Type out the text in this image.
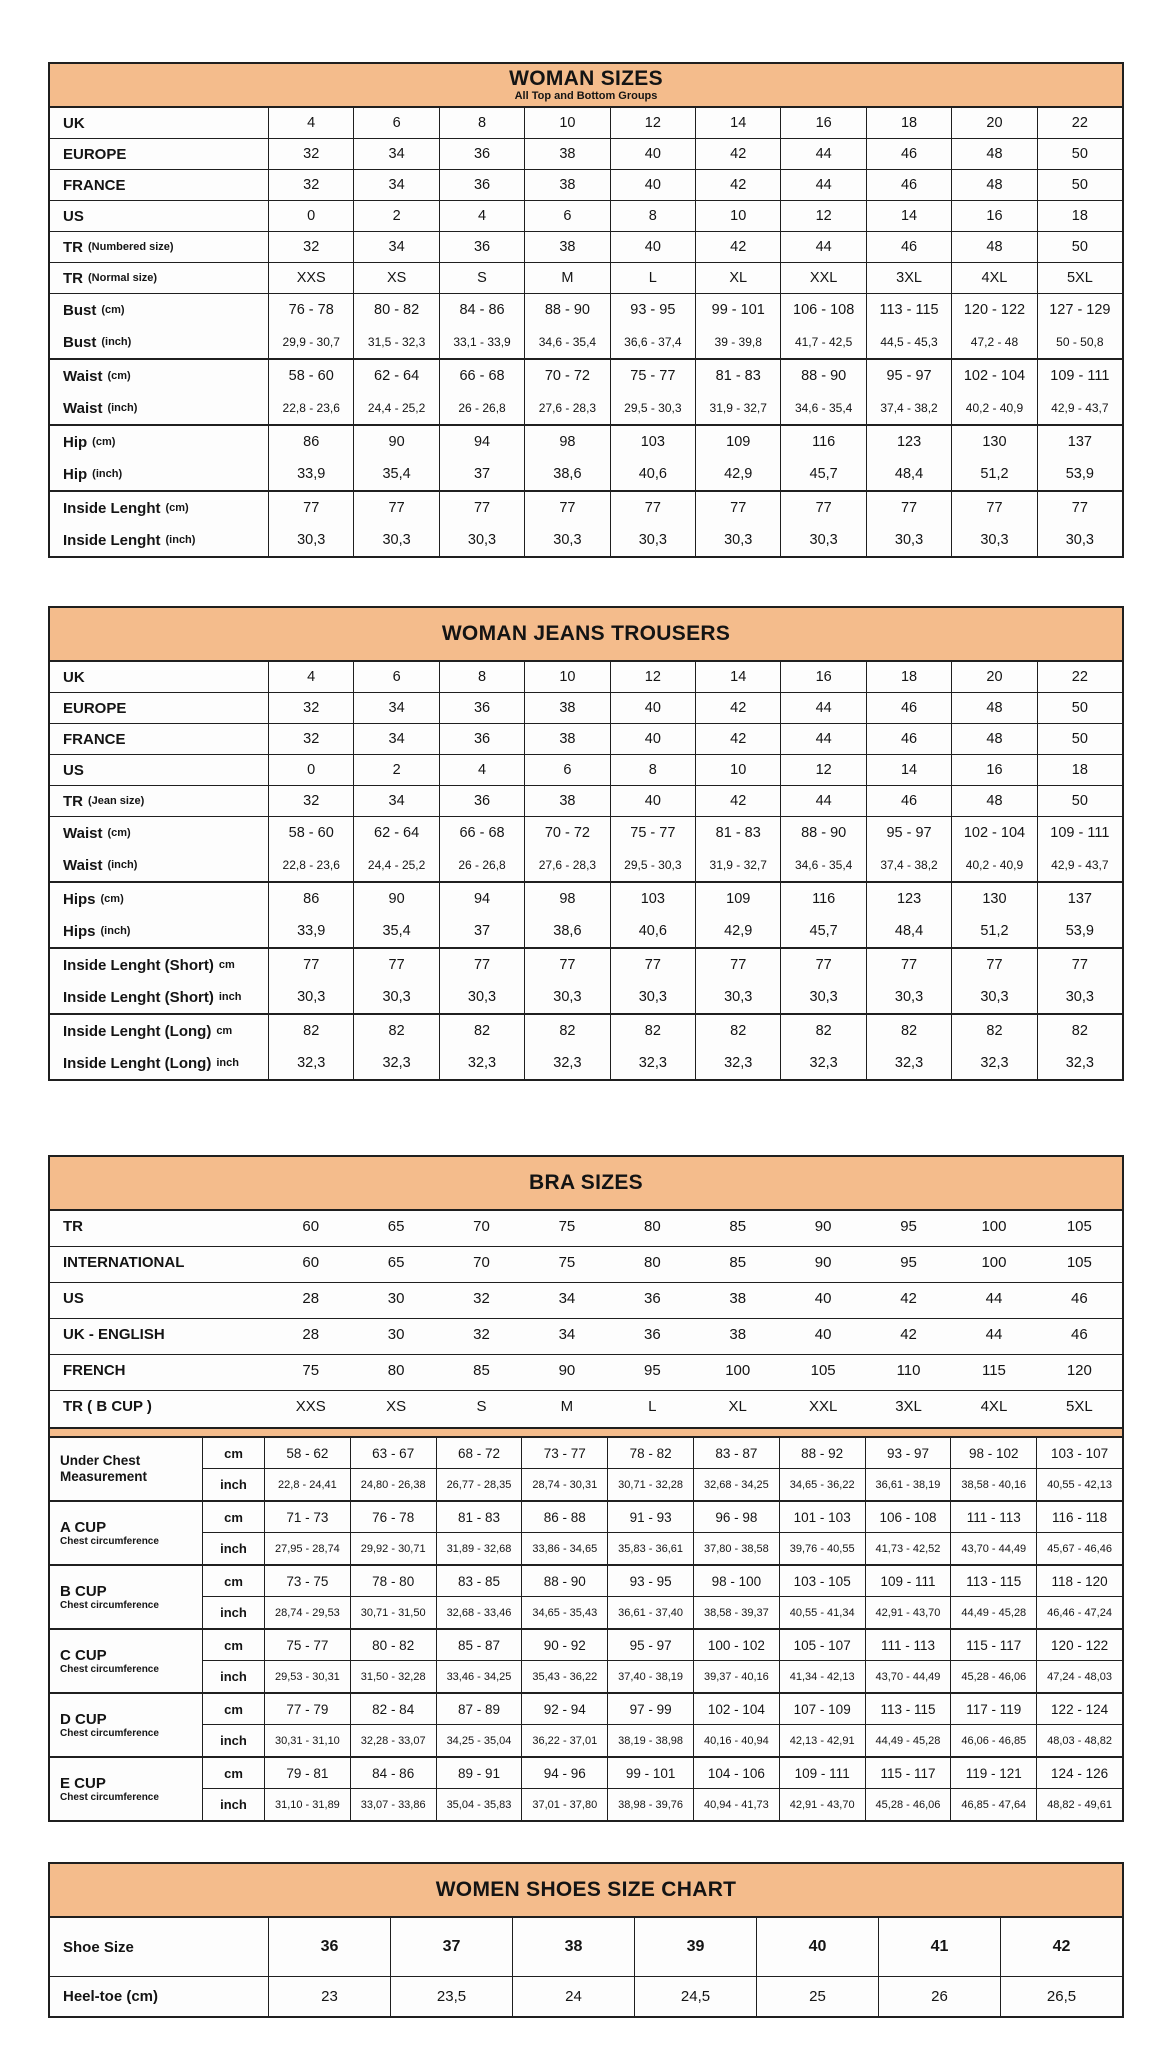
WOMAN SIZES
All Top and Bottom Groups
UK	4	6	8	10	12	14	16	18	20	22
EUROPE	32	34	36	38	40	42	44	46	48	50
FRANCE	32	34	36	38	40	42	44	46	48	50
US	0	2	4	6	8	10	12	14	16	18
TR (Numbered size)	32	34	36	38	40	42	44	46	48	50
TR (Normal size)	XXS	XS	S	M	L	XL	XXL	3XL	4XL	5XL
Bust (cm)	76 - 78	80 - 82	84 - 86	88 - 90	93 - 95	99 - 101	106 - 108	113 - 115	120 - 122	127 - 129
Bust (inch)	29,9 - 30,7	31,5 - 32,3	33,1 - 33,9	34,6 - 35,4	36,6 - 37,4	39 - 39,8	41,7 - 42,5	44,5 - 45,3	47,2 - 48	50 - 50,8
Waist (cm)	58 - 60	62 - 64	66 - 68	70 - 72	75 - 77	81 - 83	88 - 90	95 - 97	102 - 104	109 - 111
Waist (inch)	22,8 - 23,6	24,4 - 25,2	26 - 26,8	27,6 - 28,3	29,5 - 30,3	31,9 - 32,7	34,6 - 35,4	37,4 - 38,2	40,2 - 40,9	42,9 - 43,7
Hip (cm)	86	90	94	98	103	109	116	123	130	137
Hip (inch)	33,9	35,4	37	38,6	40,6	42,9	45,7	48,4	51,2	53,9
Inside Lenght (cm)	77	77	77	77	77	77	77	77	77	77
Inside Lenght (inch)	30,3	30,3	30,3	30,3	30,3	30,3	30,3	30,3	30,3	30,3
WOMAN JEANS TROUSERS
UK	4	6	8	10	12	14	16	18	20	22
EUROPE	32	34	36	38	40	42	44	46	48	50
FRANCE	32	34	36	38	40	42	44	46	48	50
US	0	2	4	6	8	10	12	14	16	18
TR (Jean size)	32	34	36	38	40	42	44	46	48	50
Waist (cm)	58 - 60	62 - 64	66 - 68	70 - 72	75 - 77	81 - 83	88 - 90	95 - 97	102 - 104	109 - 111
Waist (inch)	22,8 - 23,6	24,4 - 25,2	26 - 26,8	27,6 - 28,3	29,5 - 30,3	31,9 - 32,7	34,6 - 35,4	37,4 - 38,2	40,2 - 40,9	42,9 - 43,7
Hips (cm)	86	90	94	98	103	109	116	123	130	137
Hips (inch)	33,9	35,4	37	38,6	40,6	42,9	45,7	48,4	51,2	53,9
Inside Lenght (Short) cm	77	77	77	77	77	77	77	77	77	77
Inside Lenght (Short) inch	30,3	30,3	30,3	30,3	30,3	30,3	30,3	30,3	30,3	30,3
Inside Lenght (Long) cm	82	82	82	82	82	82	82	82	82	82
Inside Lenght (Long) inch	32,3	32,3	32,3	32,3	32,3	32,3	32,3	32,3	32,3	32,3
BRA SIZES
TR	60	65	70	75	80	85	90	95	100	105
INTERNATIONAL	60	65	70	75	80	85	90	95	100	105
US	28	30	32	34	36	38	40	42	44	46
UK - ENGLISH	28	30	32	34	36	38	40	42	44	46
FRENCH	75	80	85	90	95	100	105	110	115	120
TR ( B CUP )	XXS	XS	S	M	L	XL	XXL	3XL	4XL	5XL
Under Chest Measurement
cm	58 - 62	63 - 67	68 - 72	73 - 77	78 - 82	83 - 87	88 - 92	93 - 97	98 - 102	103 - 107
inch	22,8 - 24,41	24,80 - 26,38	26,77 - 28,35	28,74 - 30,31	30,71 - 32,28	32,68 - 34,25	34,65 - 36,22	36,61 - 38,19	38,58 - 40,16	40,55 - 42,13
A CUP
Chest circumference
cm	71 - 73	76 - 78	81 - 83	86 - 88	91 - 93	96 - 98	101 - 103	106 - 108	111 - 113	116 - 118
inch	27,95 - 28,74	29,92 - 30,71	31,89 - 32,68	33,86 - 34,65	35,83 - 36,61	37,80 - 38,58	39,76 - 40,55	41,73 - 42,52	43,70 - 44,49	45,67 - 46,46
B CUP
Chest circumference
cm	73 - 75	78 - 80	83 - 85	88 - 90	93 - 95	98 - 100	103 - 105	109 - 111	113 - 115	118 - 120
inch	28,74 - 29,53	30,71 - 31,50	32,68 - 33,46	34,65 - 35,43	36,61 - 37,40	38,58 - 39,37	40,55 - 41,34	42,91 - 43,70	44,49 - 45,28	46,46 - 47,24
C CUP
Chest circumference
cm	75 - 77	80 - 82	85 - 87	90 - 92	95 - 97	100 - 102	105 - 107	111 - 113	115 - 117	120 - 122
inch	29,53 - 30,31	31,50 - 32,28	33,46 - 34,25	35,43 - 36,22	37,40 - 38,19	39,37 - 40,16	41,34 - 42,13	43,70 - 44,49	45,28 - 46,06	47,24 - 48,03
D CUP
Chest circumference
cm	77 - 79	82 - 84	87 - 89	92 - 94	97 - 99	102 - 104	107 - 109	113 - 115	117 - 119	122 - 124
inch	30,31 - 31,10	32,28 - 33,07	34,25 - 35,04	36,22 - 37,01	38,19 - 38,98	40,16 - 40,94	42,13 - 42,91	44,49 - 45,28	46,06 - 46,85	48,03 - 48,82
E CUP
Chest circumference
cm	79 - 81	84 - 86	89 - 91	94 - 96	99 - 101	104 - 106	109 - 111	115 - 117	119 - 121	124 - 126
inch	31,10 - 31,89	33,07 - 33,86	35,04 - 35,83	37,01 - 37,80	38,98 - 39,76	40,94 - 41,73	42,91 - 43,70	45,28 - 46,06	46,85 - 47,64	48,82 - 49,61
WOMEN SHOES SIZE CHART
Shoe Size	36	37	38	39	40	41	42
Heel-toe (cm)	23	23,5	24	24,5	25	26	26,5
